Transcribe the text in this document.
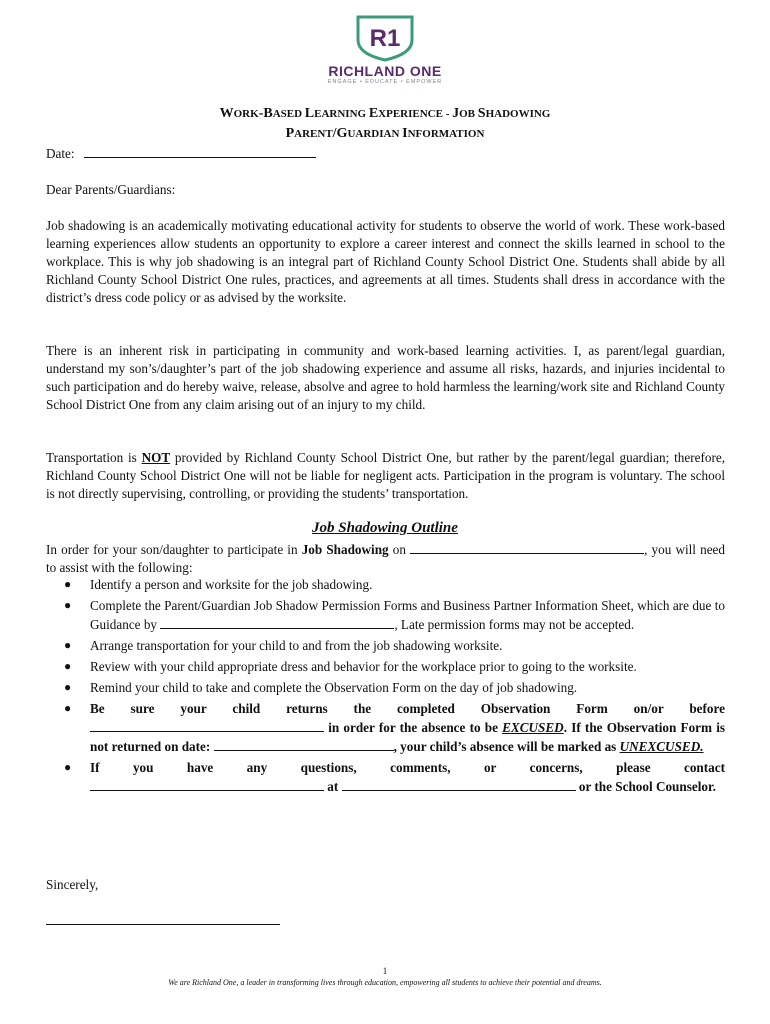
R1
RICHLAND ONE
ENGAGE • EDUCATE • EMPOWER
WORK-BASED LEARNING EXPERIENCE - JOB SHADOWING
PARENT/GUARDIAN INFORMATION
Date:
Dear Parents/Guardians:
Job shadowing is an academically motivating educational activity for students to observe the world of work. These work-based learning experiences allow students an opportunity to explore a career interest and connect the skills learned in school to the workplace. This is why job shadowing is an integral part of Richland County School District One. Students shall abide by all Richland County School District One rules, practices, and agreements at all times. Students shall dress in accordance with the district’s dress code policy or as advised by the worksite.
There is an inherent risk in participating in community and work-based learning activities. I, as parent/legal guardian, understand my son’s/daughter’s part of the job shadowing experience and assume all risks, hazards, and injuries incidental to such participation and do hereby waive, release, absolve and agree to hold harmless the learning/work site and Richland County School District One from any claim arising out of an injury to my child.
Transportation is NOT provided by Richland County School District One, but rather by the parent/legal guardian; therefore, Richland County School District One will not be liable for negligent acts. Participation in the program is voluntary. The school is not directly supervising, controlling, or providing the students’ transportation.
Job Shadowing Outline
In order for your son/daughter to participate in Job Shadowing on	, you will need to assist with the following:
● Identify a person and worksite for the job shadowing.
● Complete the Parent/Guardian Job Shadow Permission Forms and Business Partner Information Sheet, which are due to Guidance by	, Late permission forms may not be accepted.
● Arrange transportation for your child to and from the job shadowing worksite.
● Review with your child appropriate dress and behavior for the workplace prior to going to the worksite.
● Remind your child to take and complete the Observation Form on the day of job shadowing.
● Be sure your child returns the completed Observation Form on/or before
in order for the absence to be EXCUSED. If the Observation Form is not returned on date:	, your child’s absence will be marked as UNEXCUSED.
● If you have any questions, comments, or concerns, please contact
at	or the School Counselor.
Sincerely,
1
We are Richland One, a leader in transforming lives through education, empowering all students to achieve their potential and dreams.
